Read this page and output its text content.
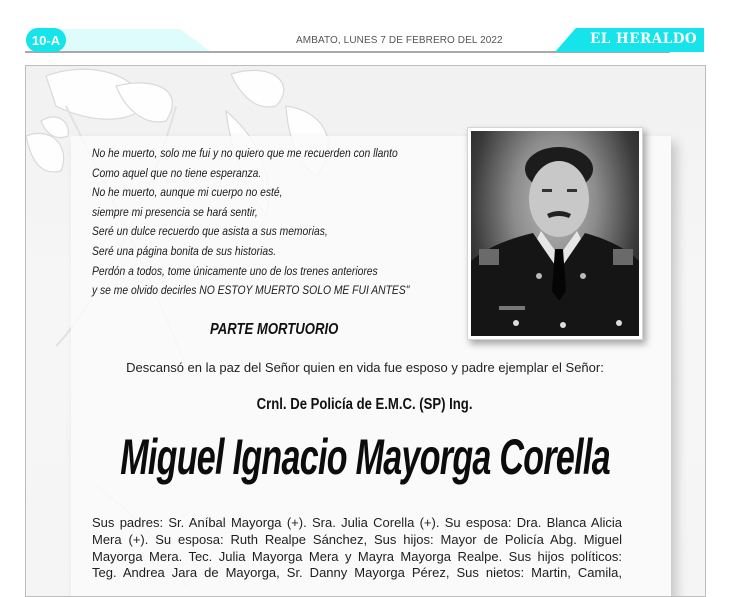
10-A	AMBATO, LUNES 7 DE FEBRERO DEL 2022	EL HERALDO
No he muerto, solo me fui y no quiero que me recuerden con llanto
Como aquel que no tiene esperanza.
No he muerto, aunque mi cuerpo no esté,
siempre mi presencia se hará sentir,
Seré un dulce recuerdo que asista a sus memorias,
Seré una página bonita de sus historias.
Perdón a todos, tome únicamente uno de los trenes anteriores
y se me olvido decirles NO ESTOY MUERTO SOLO ME FUI ANTES"
PARTE MORTUORIO
Descansó en la paz del Señor quien en vida fue esposo y padre ejemplar el Señor:
Crnl. De Policía de E.M.C. (SP) Ing.
Miguel Ignacio Mayorga Corella
Sus padres: Sr. Aníbal Mayorga (+). Sra. Julia Corella (+). Su esposa: Dra. Blanca Alicia
Mera (+). Su esposa: Ruth Realpe Sánchez, Sus hijos: Mayor de Policía Abg. Miguel
Mayorga Mera. Tec. Julia Mayorga Mera y Mayra Mayorga Realpe. Sus hijos políticos:
Teg. Andrea Jara de Mayorga, Sr. Danny Mayorga Pérez, Sus nietos: Martin, Camila,
